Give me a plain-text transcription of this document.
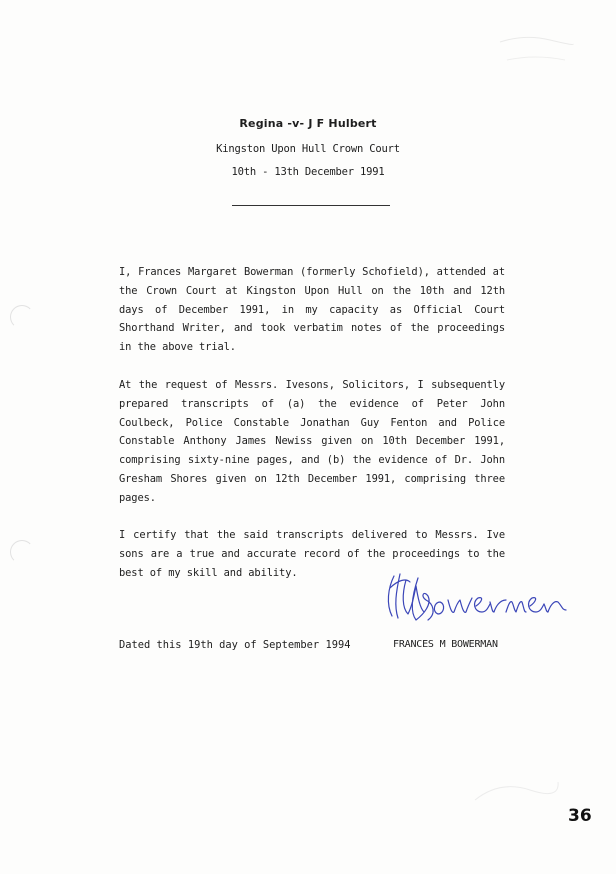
Regina -v- J F Hulbert
Kingston Upon Hull Crown Court
10th - 13th December 1991
I, Frances Margaret Bowerman (formerly Schofield), attended at the Crown Court at Kingston Upon Hull on the 10th and 12th days of December 1991, in my capacity as Official Court Shorthand Writer, and took verbatim notes of the proceedings in the above trial.
At the request of Messrs. Ivesons, Solicitors, I subsequently prepared transcripts of (a) the evidence of Peter John Coulbeck, Police Constable Jonathan Guy Fenton and Police Constable Anthony James Newiss given on 10th December 1991, comprising sixty-nine pages, and (b) the evidence of Dr. John Gresham Shores given on 12th December 1991, comprising three pages.
I certify that the said transcripts delivered to Messrs. Ive sons are a true and accurate record of the proceedings to the best of my skill and ability.
Dated this 19th day of September 1994	FRANCES M BOWERMAN
36
